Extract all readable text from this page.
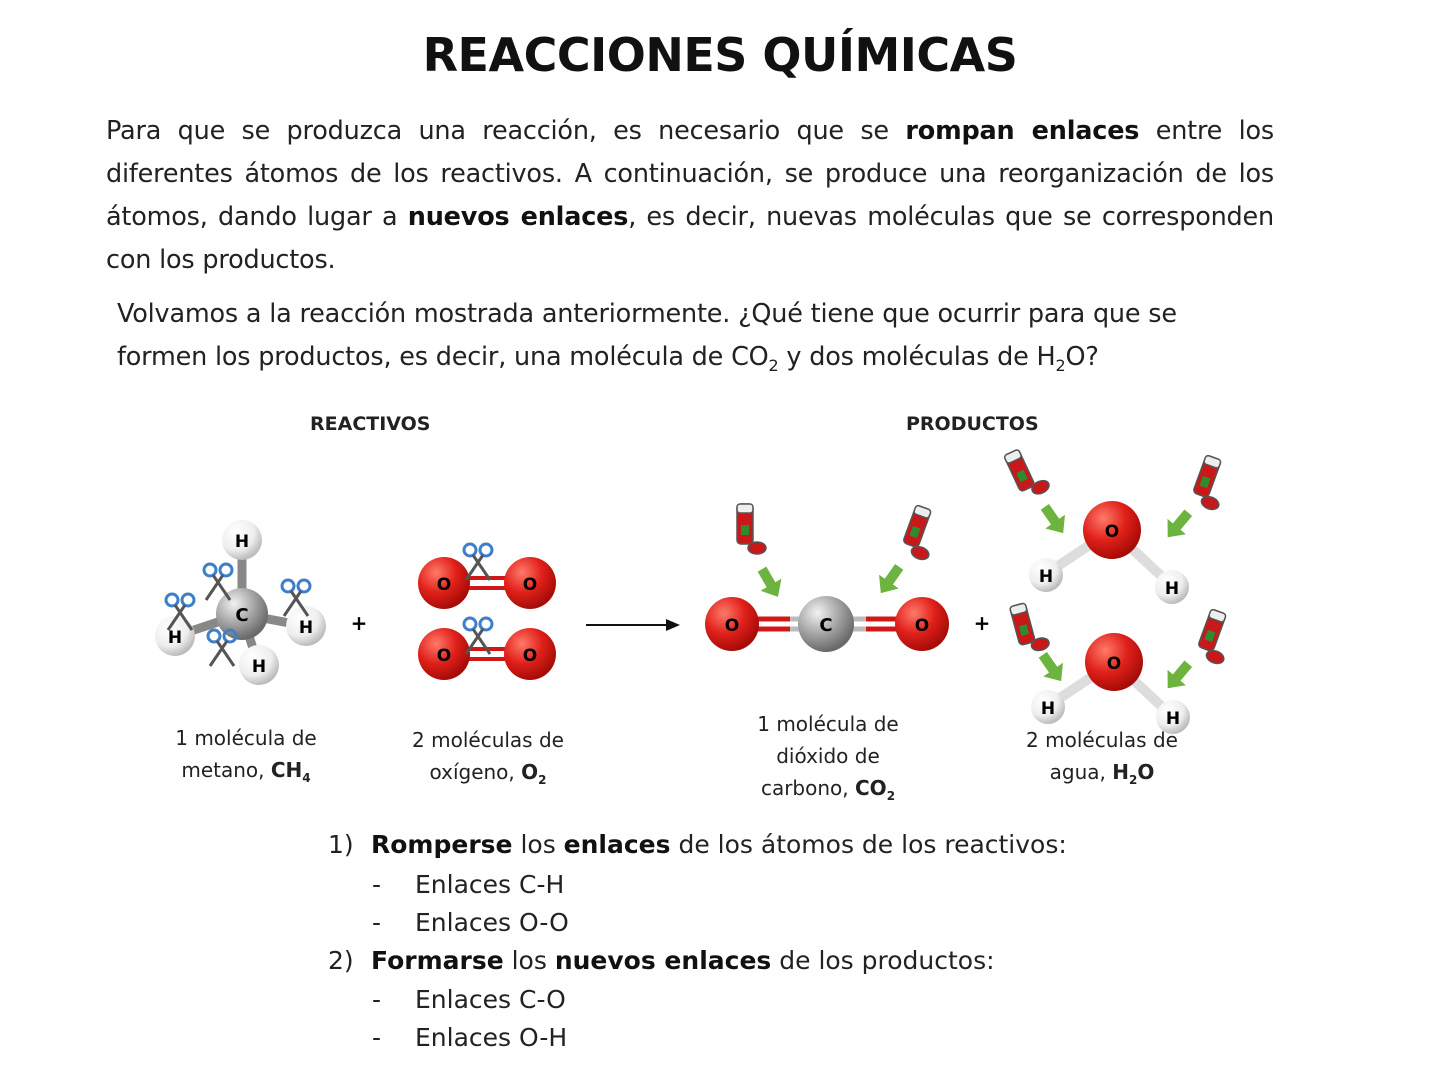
REACCIONES QUÍMICAS
Para que se produzca una reacción, es necesario que se rompan enlaces entre los diferentes átomos de los reactivos. A continuación, se produce una reorganización de los átomos, dando lugar a nuevos enlaces, es decir, nuevas moléculas que se corresponden con los productos.
Volvamos a la reacción mostrada anteriormente. ¿Qué tiene que ocurrir para que se
formen los productos, es decir, una molécula de $CO_2$ y dos moléculas de $H_2O$?
REACTIVOS	PRODUCTOS
H
H	H
H
C	+
O	O
O	O
O	C	O +
H
H
O
H	H
O
1 molécula de
metano, $CH_4$
2 moléculas de
oxígeno, $O_2$
1 molécula de
dióxido de
carbono, $CO_2$
2 moléculas de
agua, $H_2O$
1) Romperse los enlaces de los átomos de los reactivos:
- Enlaces C-H
- Enlaces O-O
2) Formarse los nuevos enlaces de los productos:
- Enlaces C-O
- Enlaces O-H
